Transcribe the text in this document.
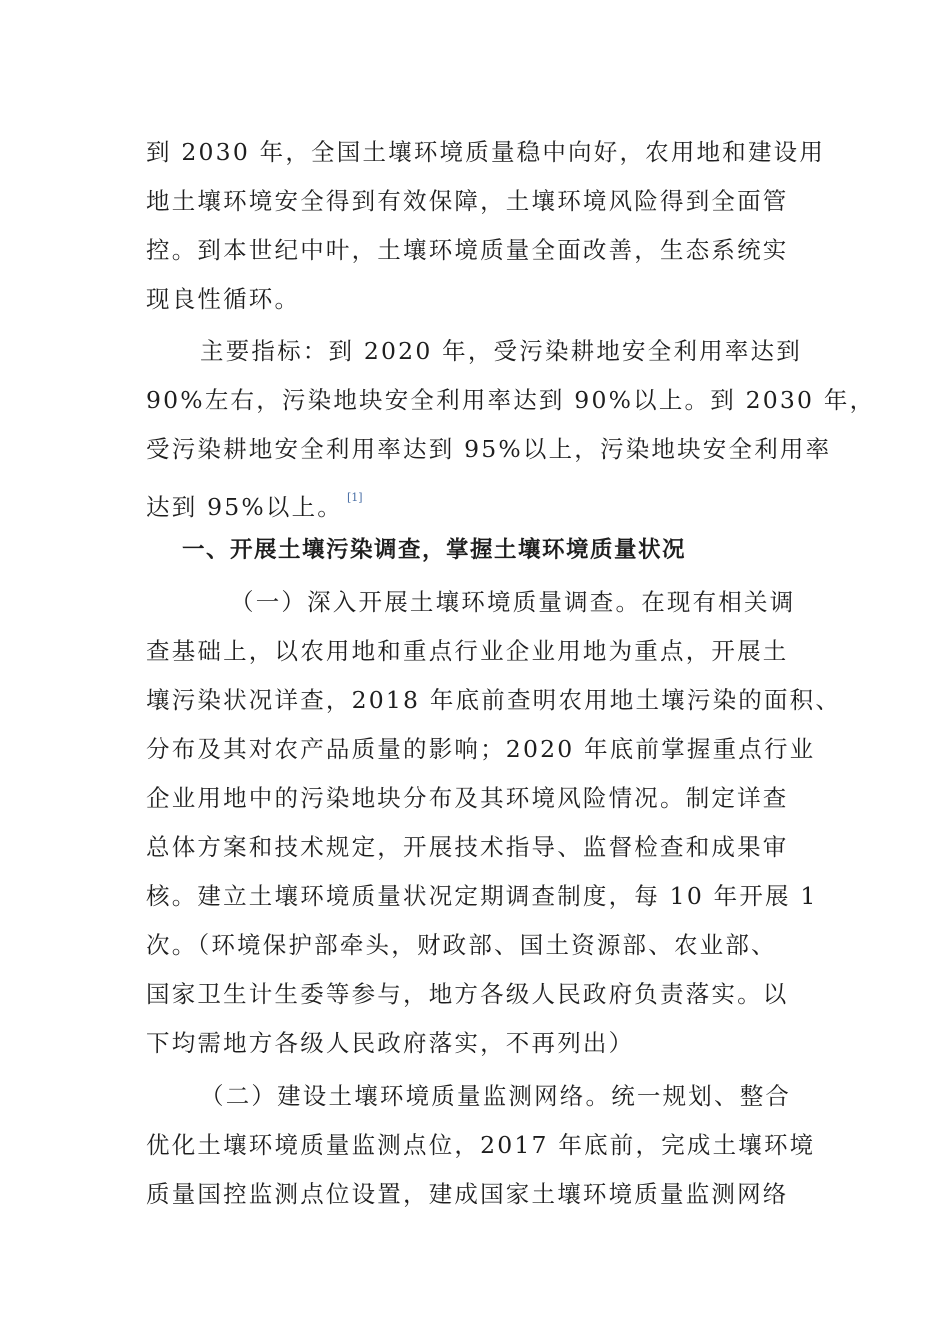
到 2030 年，全国土壤环境质量稳中向好，农用地和建设用
地土壤环境安全得到有效保障，土壤环境风险得到全面管
控。到本世纪中叶，土壤环境质量全面改善，生态系统实
现良性循环。
主要指标：到 2020 年，受污染耕地安全利用率达到
90%左右，污染地块安全利用率达到 90%以上。到 2030 年，
受污染耕地安全利用率达到 95%以上，污染地块安全利用率
达到 95%以上。 [1]
一、开展土壤污染调查，掌握土壤环境质量状况
（一）深入开展土壤环境质量调查。在现有相关调
查基础上，以农用地和重点行业企业用地为重点，开展土
壤污染状况详查，2018 年底前查明农用地土壤污染的面积、
分布及其对农产品质量的影响；2020 年底前掌握重点行业
企业用地中的污染地块分布及其环境风险情况。制定详查
总体方案和技术规定，开展技术指导、监督检查和成果审
核。建立土壤环境质量状况定期调查制度，每 10 年开展 1
次。（环境保护部牵头，财政部、国土资源部、农业部、
国家卫生计生委等参与，地方各级人民政府负责落实。以
下均需地方各级人民政府落实，不再列出）
（二）建设土壤环境质量监测网络。统一规划、整合
优化土壤环境质量监测点位，2017 年底前，完成土壤环境
质量国控监测点位设置，建成国家土壤环境质量监测网络
